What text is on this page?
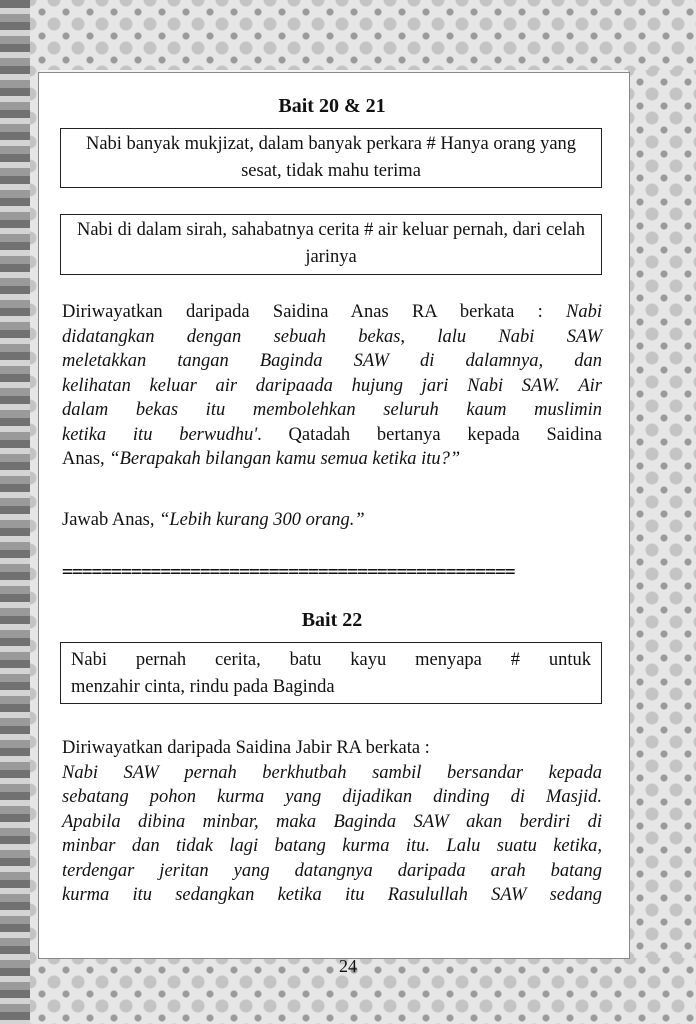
Bait 20 & 21
Nabi banyak mukjizat, dalam banyak perkara # Hanya orang yang sesat, tidak mahu terima
Nabi di dalam sirah, sahabatnya cerita # air keluar pernah, dari celah jarinya
Diriwayatkan daripada Saidina Anas RA berkata : Nabi
didatangkan dengan sebuah bekas, lalu Nabi SAW
meletakkan tangan Baginda SAW di dalamnya, dan
kelihatan keluar air daripaada hujung jari Nabi SAW. Air
dalam bekas itu membolehkan seluruh kaum muslimin
ketika itu berwudhu'. Qatadah bertanya kepada Saidina
Anas, “Berapakah bilangan kamu semua ketika itu?”
Jawab Anas, “Lebih kurang 300 orang.”
==============================================
Bait 22
Nabi pernah cerita, batu kayu menyapa # untuk
menzahir cinta, rindu pada Baginda
Diriwayatkan daripada Saidina Jabir RA berkata :
Nabi SAW pernah berkhutbah sambil bersandar kepada
sebatang pohon kurma yang dijadikan dinding di Masjid.
Apabila dibina minbar, maka Baginda SAW akan berdiri di
minbar dan tidak lagi batang kurma itu. Lalu suatu ketika,
terdengar jeritan yang datangnya daripada arah batang
kurma itu sedangkan ketika itu Rasulullah SAW sedang
24
